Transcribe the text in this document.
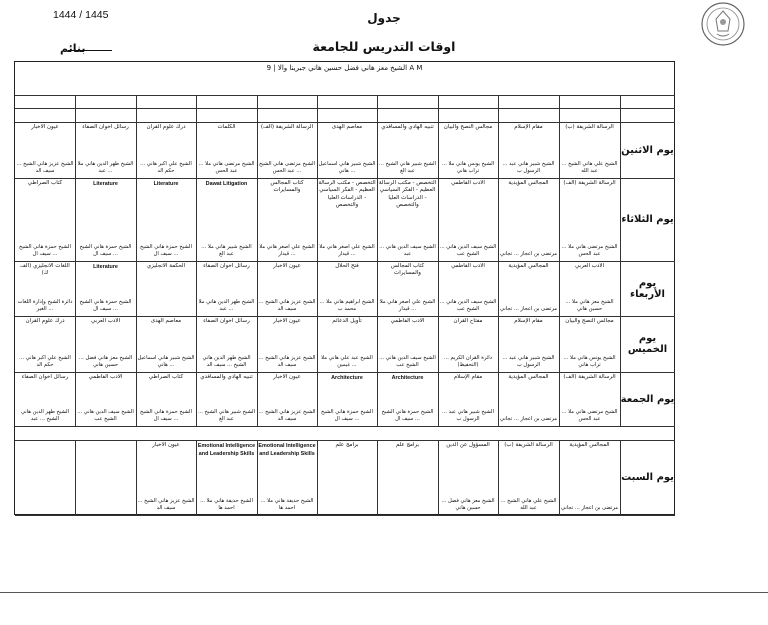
1444 / 1445	جدول
اوقات التدريس للجامعة
بنائم
الشيخ معز هاني فضل حسين هاني جبرينا والا | 9 A M
الرسالة الشريفة (ب)
الشيخ علي هاني الشيخ ... عبد الله
مقام الإسلام
الشيخ شبير هاني عبد ... الرسول ب
مجالس النصح والبيان
الشيخ يونس هاني ملا ... تراب هاني
تنبيه الهادي والمسافدي
الشيخ شبير هاني الشيخ ... عبد الغ
معاصم الهدى
الشيخ شبير هاني اسماعيل ... هاني
الرسالة الشريفة (الف)
الشيخ مرتضى هاني الشيخ ... عبد الحس
الكلمات
الشيخ مرتضى هاني ملا ... عبد الحس
درك علوم القران
الشيخ علي اكبر هاني ... حكم الد
رسائل اخوان الصفاء
الشيخ طهر الدين هاني ملا ... عبد
عيون الاخبار
الشيخ عزيز هاني الشيخ ... سيف الد
يوم الاثنين
الرسالة الشريفة (الف)
الشيخ مرتضى هاني ملا ... عبد الحس
المجالس المؤيدية
مرتضى بن اعجاز ... تجاني
الادب الفاطمي
الشيخ سيف الدين هاني ... الشيخ عب
التخصص - مكتب الرسالة العظيم - الفكر السياسي - الدراسات العليا والتخصص
الشيخ سيف الدين هاني ... عبد
التخصص - مكتب الرسالة العظيم - الفكر السياسي - الدراسات العليا والتخصص
الشيخ علي اصغر هاني ملا ... قيدار
كتاب المجالس والمسايرات
الشيخ علي اصغر هاني ملا ... قيدار
Dawat Litigation
الشيخ شبير هاني ملا ... عبد الغ
Literature
الشيخ حمزة هاني الشيخ ... سيف ال
Literature
الشيخ حمزة هاني الشيخ ... سيف ال
كتاب الصراطي
الشيخ حمزة هاني الشيخ ... سيف ال
يوم الثلاثاء
الادب العربي
الشيخ معز هاني ملا ... حسين هاني
المجالس المؤيدية
مرتضى بن اعجاز ... تجاني
الادب الفاطمي
الشيخ سيف الدين هاني ... الشيخ عب
كتاب المجالس والمسايرات
الشيخ علي اصغر هاني ملا ... قيدار
فتح الحلال
الشيخ ابراهيم هاني ملا ... محمد ب
عيون الاخبار
الشيخ عزيز هاني الشيخ ... سيف الد
رسائل اخوان الصفاء
الشيخ طهر الدين هاني ملا ... عبد
الحكمة الانجليزي
Literature
الشيخ حمزة هاني الشيخ ... سيف ال
اللغات الانجليزي (الف ك)
دائرة الشيخ وإدارة اللغات ... الغير
يوم الأربعاء
مجالس النصح والبيان
الشيخ يونس هاني ملا ... تراب هاني
مقام الإسلام
الشيخ شبير هاني عبد ... الرسول ب
مفتاح القران
دائرة القران الكريم ... (التحفيظ)
الادب الفاطمي
الشيخ سيف الدين هاني ... الشيخ عب
تأويل الدعائم
الشيخ عبد علي هاني ملا ... غيمين
عيون الاخبار
الشيخ عزيز هاني الشيخ ... سيف الد
رسائل اخوان الصفاء
الشيخ طهر الدين هاني الشيخ ... سيف الد
معاصم الهدى
الشيخ شبير هاني اسماعيل ... هاني
الادب العربي
الشيخ معز هاني فضل ... حسين هاني
درك علوم القران
الشيخ علي اكبر هاني ... حكم الد
يوم الخميس
الرسالة الشريفة (الف)
الشيخ مرتضى هاني ملا ... عبد الحس
المجالس المؤيدية
مرتضى بن اعجاز ... تجاني
مقام الإسلام
الشيخ شبير هاني عبد ... الرسول ب
Architecture
الشيخ حمزة هاني الشيخ ... سيف ال
Architecture
الشيخ حمزة هاني الشيخ ... سيف ال
عيون الاخبار
الشيخ عزيز هاني الشيخ ... سيف الد
تنبيه الهادي والمسافدي
الشيخ شبير هاني الشيخ ... عبد الغ
كتاب الصراطي
الشيخ حمزة هاني الشيخ ... سيف ال
الادب الفاطمي
الشيخ سيف الدين هاني ... الشيخ عب
رسائل اخوان الصفاء
الشيخ طهر الدين هاني الشيخ ... عبد
يوم الجمعة
المجالس المؤيدية
مرتضى بن اعجاز ... تجاني
الرسالة الشريفة (ب)
الشيخ علي هاني الشيخ ... عبد الله
المسؤول عن الدين
الشيخ معز هاني فضل ... حسين هاني
برامج علم
برامج علم
Emotional Intelligence and Leadership Skills
الشيخ حذيفة هاني ملا ... احمد ها
Emotional Intelligence and Leadership Skills
الشيخ حذيفة هاني ملا ... احمد ها
عيون الاخبار
الشيخ عزيز هاني الشيخ ... سيف الد
يوم السبت
